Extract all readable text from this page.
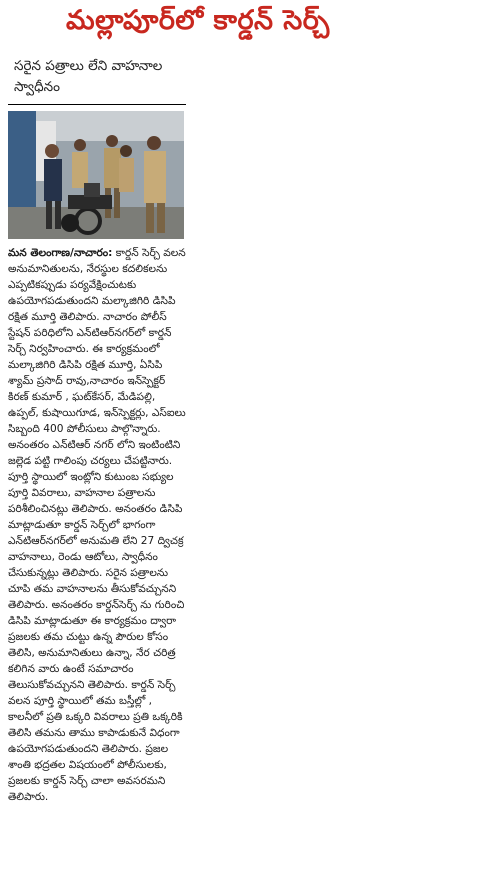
మల్లాపూర్‌లో కార్డన్ సెర్చ్

సరైన పత్రాలు లేని వాహనాల స్వాధీనం

మన తెలంగాణ/నాచారం: కార్డన్ సెర్చ్ వలన అనుమానితులను, నేరస్థుల కదలికలను ఎప్పటికప్పుడు పర్యవేక్షించుటకు ఉపయోగపడుతుందని మల్కాజిగిరి డిసిపి రక్షిత మూర్తి తెలిపారు. నాచారం పోలీస్ స్టేషన్ పరిధిలోని ఎన్‌టిఆర్‌నగర్‌లో కార్డన్ సెర్చ్ నిర్వహించారు. ఈ కార్యక్రమంలో మల్కాజిగిరి డిసిపి రక్షిత మూర్తి, ఏసిపి శ్యామ్ ప్రసాద్ రావు,నాచారం ఇన్‌స్పెక్టర్ కిరణ్ కుమార్ , ఘట్‌కేసర్, మేడిపల్లి, ఉప్పల్, కుషాయిగూడ, ఇన్‌స్పెక్టర్లు, ఎస్‌ఐలు సిబ్బంది 400 పోలీసులు పాల్గొన్నారు. అనంతరం ఎన్‌టిఆర్ నగర్ లోని ఇంటింటిని జల్లెడ పట్టి గాలింపు చర్యలు చేపట్టినారు. పూర్తి స్థాయిలో ఇంట్లోని కుటుంబ సభ్యుల పూర్తి వివరాలు, వాహనాల పత్రాలను పరిశీలించినట్లు తెలిపారు. అనంతరం డిసిపి మాట్లాడుతూ కార్డన్ సెర్చ్‌లో భాగంగా ఎన్‌టిఆర్‌నగర్‌లో అనుమతి లేని 27 ద్విచక్ర వాహనాలు, రెండు ఆటోలు, స్వాధీనం చేసుకున్నట్లు తెలిపారు. సరైన పత్రాలను చూపి తమ వాహనాలను తీసుకోవచ్చునని తెలిపారు. అనంతరం కార్డన్‌సెర్చ్ ను గురించి డిసిపి మాట్లాడుతూ ఈ కార్యక్రమం ద్వారా ప్రజలకు తమ చుట్టు ఉన్న పౌరుల కోసం తెలిసి, అనుమానితులు ఉన్నా, నేర చరిత్ర కలిగిన వారు ఉంటే సమాచారం తెలుసుకోవచ్చునని తెలిపారు. కార్డన్ సెర్చ్ వలన పూర్తి స్థాయిలో తమ బస్తీల్లో , కాలనీలో ప్రతి ఒక్కరి వివరాలు ప్రతి ఒక్కరికి తెలిసి తమను తాము కాపాడుకునే విధంగా ఉపయోగపడుతుందని తెలిపారు. ప్రజల శాంతి భద్రతల విషయంలో పోలీసులకు, ప్రజలకు కార్డన్ సెర్చ్ చాలా అవసరమని తెలిపారు.
